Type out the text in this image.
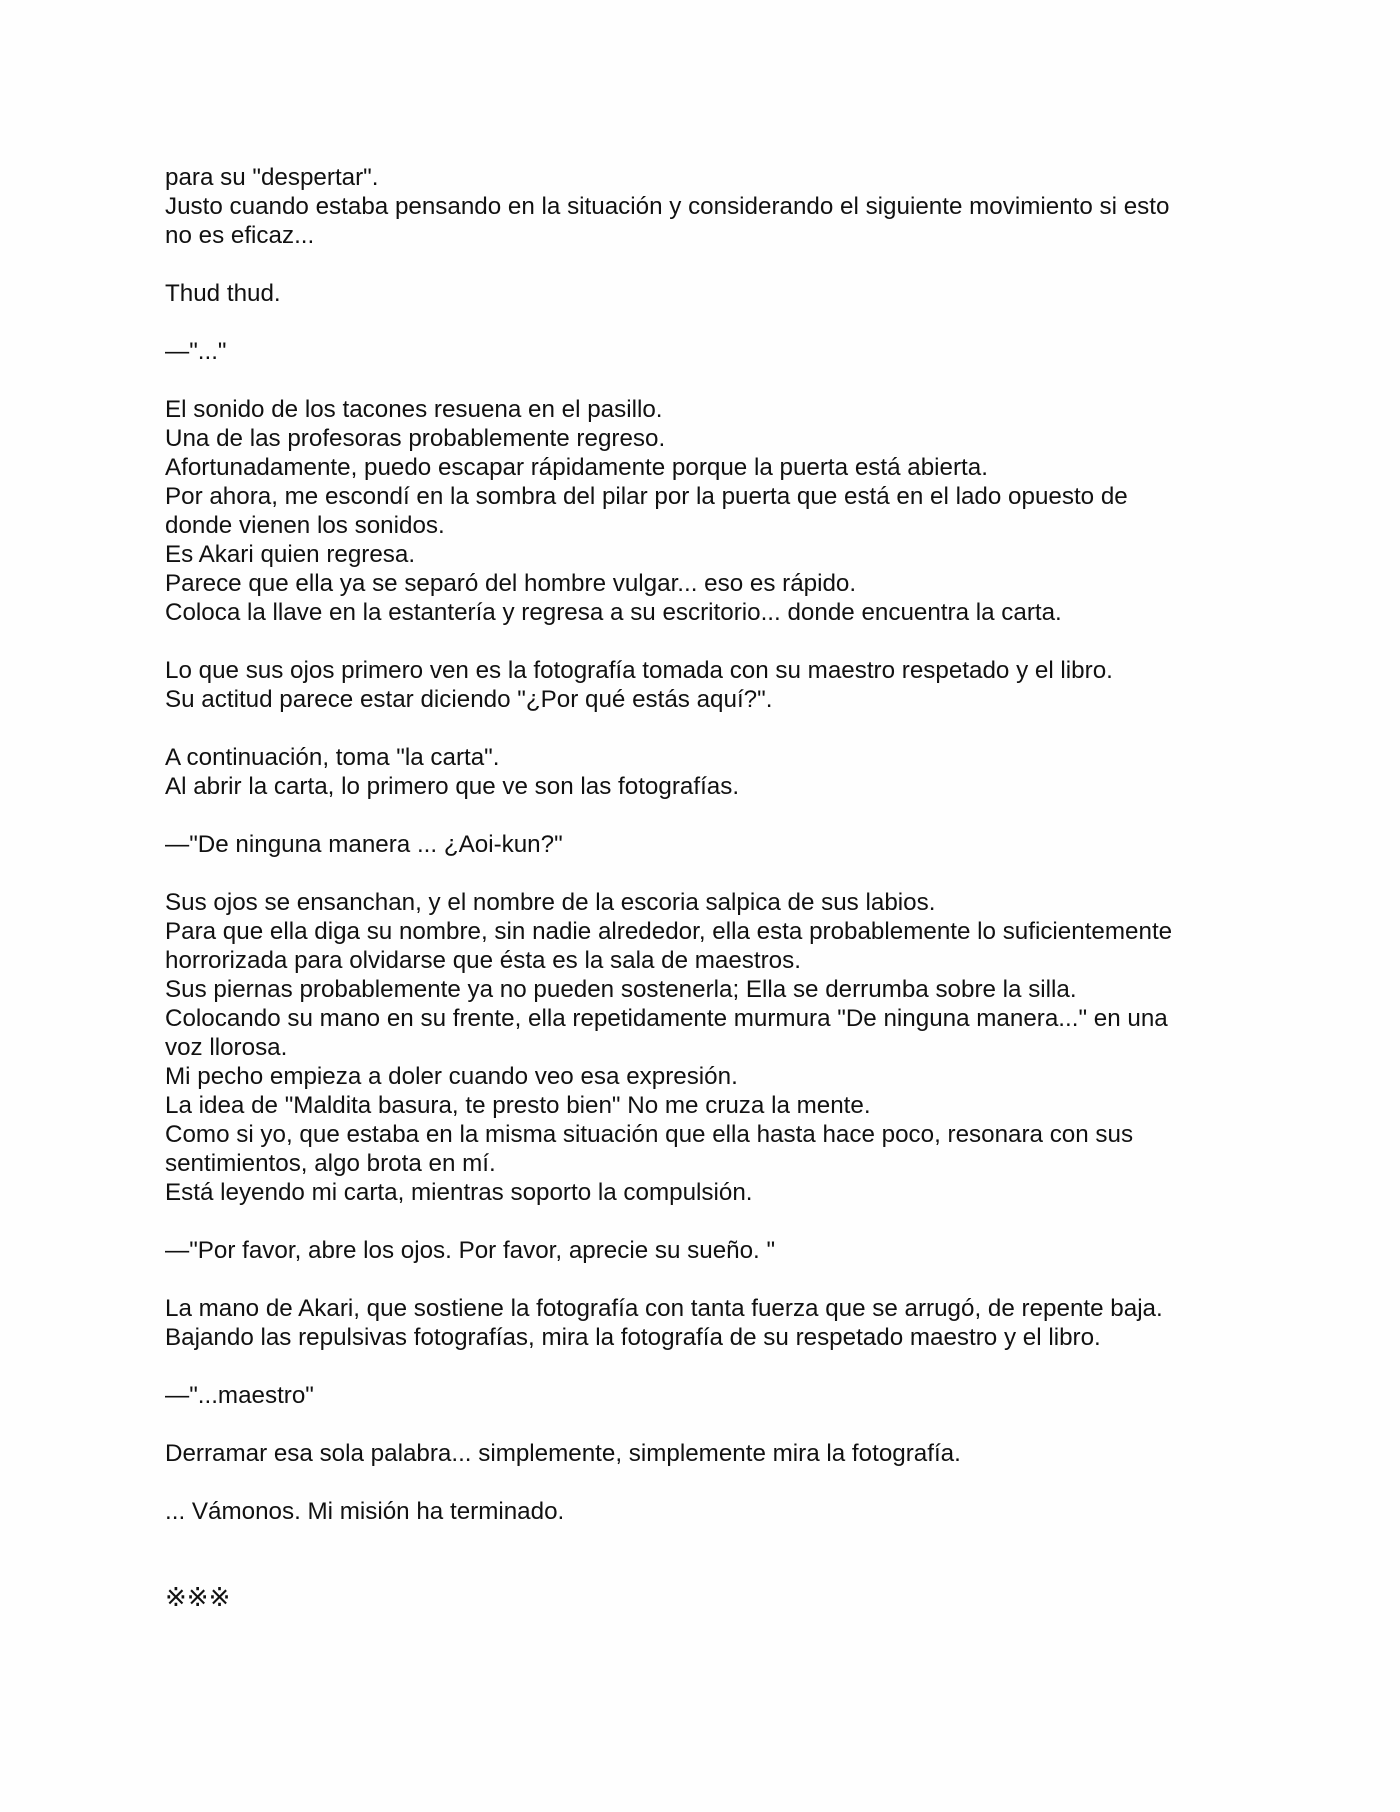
para su "despertar".
Justo cuando estaba pensando en la situación y considerando el siguiente movimiento si esto
no es eficaz...
Thud thud.
—"..."
El sonido de los tacones resuena en el pasillo.
Una de las profesoras probablemente regreso.
Afortunadamente, puedo escapar rápidamente porque la puerta está abierta.
Por ahora, me escondí en la sombra del pilar por la puerta que está en el lado opuesto de
donde vienen los sonidos.
Es Akari quien regresa.
Parece que ella ya se separó del hombre vulgar... eso es rápido.
Coloca la llave en la estantería y regresa a su escritorio... donde encuentra la carta.
Lo que sus ojos primero ven es la fotografía tomada con su maestro respetado y el libro.
Su actitud parece estar diciendo "¿Por qué estás aquí?".
A continuación, toma "la carta".
Al abrir la carta, lo primero que ve son las fotografías.
—"De ninguna manera ... ¿Aoi-kun?"
Sus ojos se ensanchan, y el nombre de la escoria salpica de sus labios.
Para que ella diga su nombre, sin nadie alrededor, ella esta probablemente lo suficientemente
horrorizada para olvidarse que ésta es la sala de maestros.
Sus piernas probablemente ya no pueden sostenerla; Ella se derrumba sobre la silla.
Colocando su mano en su frente, ella repetidamente murmura "De ninguna manera..." en una
voz llorosa.
Mi pecho empieza a doler cuando veo esa expresión.
La idea de "Maldita basura, te presto bien" No me cruza la mente.
Como si yo, que estaba en la misma situación que ella hasta hace poco, resonara con sus
sentimientos, algo brota en mí.
Está leyendo mi carta, mientras soporto la compulsión.
—"Por favor, abre los ojos. Por favor, aprecie su sueño. "
La mano de Akari, que sostiene la fotografía con tanta fuerza que se arrugó, de repente baja.
Bajando las repulsivas fotografías, mira la fotografía de su respetado maestro y el libro.
—"...maestro"
Derramar esa sola palabra... simplemente, simplemente mira la fotografía.
... Vámonos. Mi misión ha terminado.
※※※
